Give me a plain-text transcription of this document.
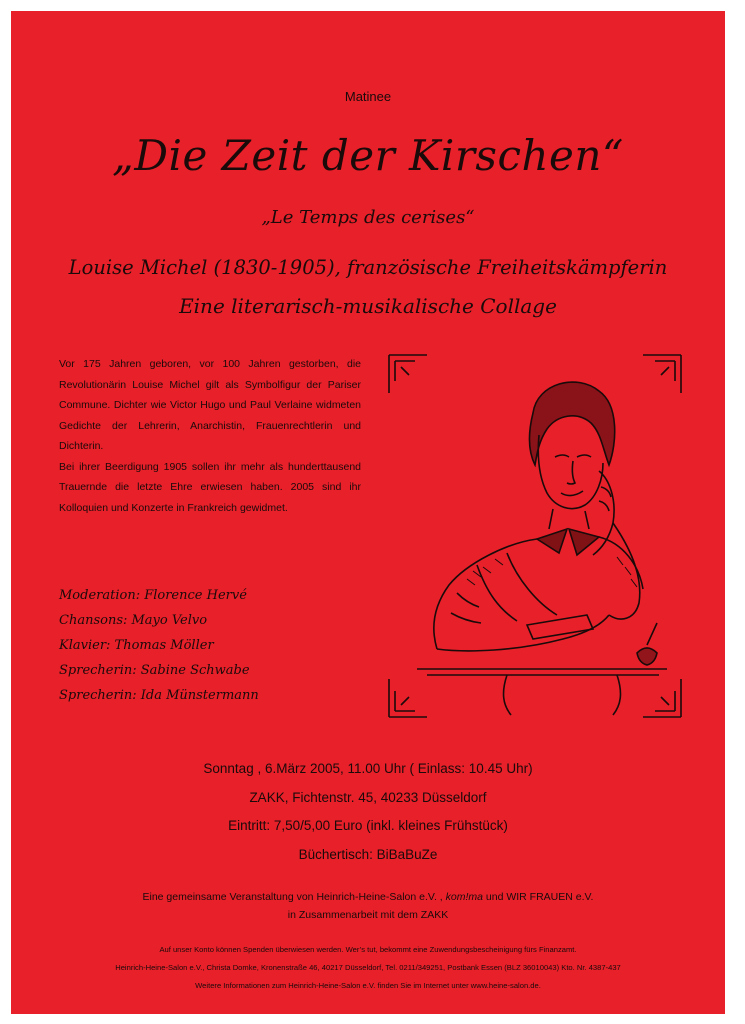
Matinee
„Die Zeit der Kirschen“
„Le Temps des cerises“
Louise Michel (1830-1905), französische Freiheitskämpferin
Eine literarisch-musikalische Collage

Vor 175 Jahren geboren, vor 100 Jahren gestorben, die Revolutionärin Louise Michel gilt als Symbolfigur der Pariser Commune. Dichter wie Victor Hugo und Paul Verlaine widmeten Gedichte der Lehrerin, Anarchistin, Frauenrechtlerin und Dichterin.

Bei ihrer Beerdigung 1905 sollen ihr mehr als hunderttausend Trauernde die letzte Ehre erwiesen haben. 2005 sind ihr Kolloquien und Konzerte in Frankreich gewidmet.

Moderation: Florence Hervé
Chansons: Mayo Velvo
Klavier: Thomas Möller
Sprecherin: Sabine Schwabe
Sprecherin: Ida Münstermann
Sonntag , 6.März 2005, 11.00 Uhr ( Einlass: 10.45 Uhr)
ZAKK, Fichtenstr. 45, 40233 Düsseldorf
Eintritt: 7,50/5,00 Euro (inkl. kleines Frühstück)
Büchertisch: BiBaBuZe
Eine gemeinsame Veranstaltung von Heinrich-Heine-Salon e.V. , kom!ma und WIR FRAUEN e.V.
in Zusammenarbeit mit dem ZAKK
Auf unser Konto können Spenden überwiesen werden. Wer’s tut, bekommt eine Zuwendungsbescheinigung fürs Finanzamt.
Heinrich-Heine-Salon e.V., Christa Domke, Kronenstraße 46, 40217 Düsseldorf, Tel. 0211/349251, Postbank Essen (BLZ 36010043) Kto. Nr. 4387-437
Weitere Informationen zum Heinrich-Heine-Salon e.V. finden Sie im Internet unter www.heine-salon.de.
